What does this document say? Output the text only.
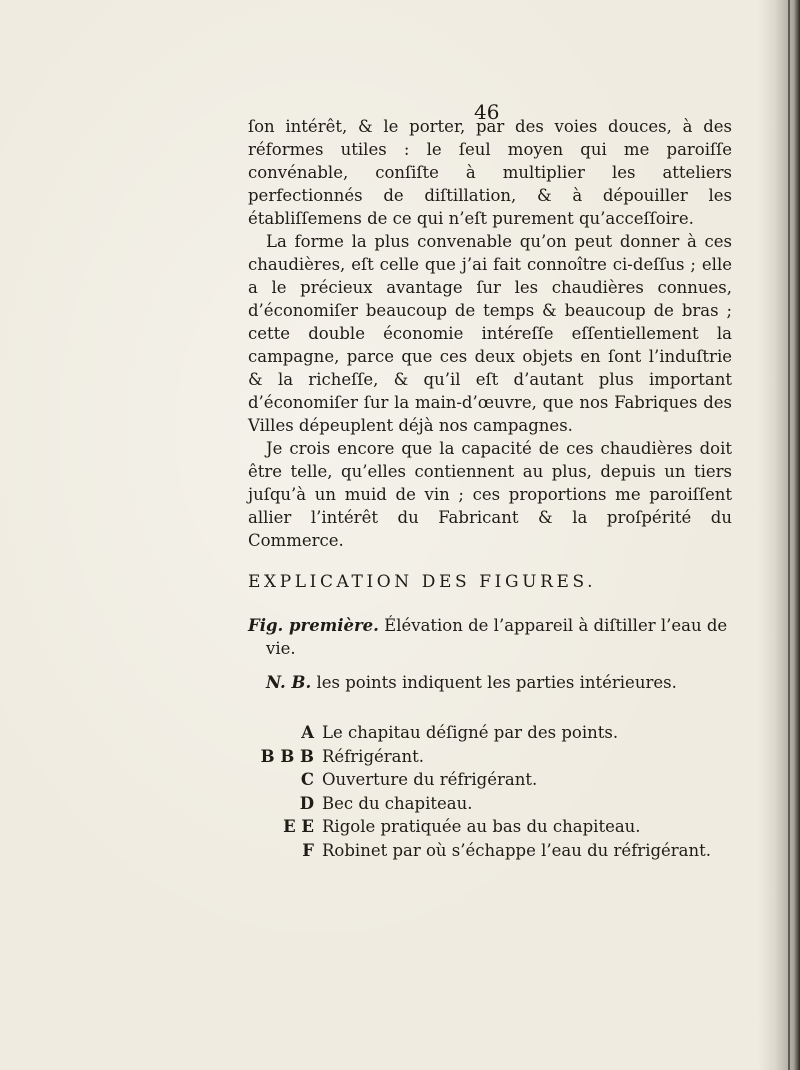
46

ſon intérêt, & le porter, par des voies douces, à des réformes utiles : le ſeul moyen qui me paroiſſe convénable, conſiſte à multiplier les atteliers perfectionnés de diſtillation, & à dépouiller les établiſſemens de ce qui n’eſt purement qu’acceſſoire.

La forme la plus convenable qu’on peut donner à ces chaudières, eſt celle que j’ai fait connoître ci-deſſus ; elle a le précieux avantage ſur les chaudières connues, d’économiſer beaucoup de temps & beaucoup de bras ; cette double économie intéreſſe eſſentiellement la campagne, parce que ces deux objets en ſont l’induſtrie & la richeſſe, & qu’il eſt d’autant plus important d’économiſer ſur la main-d’œuvre, que nos Fabriques des Villes dépeuplent déjà nos campagnes.

Je crois encore que la capacité de ces chaudières doit être telle, qu’elles contiennent au plus, depuis un tiers juſqu’à un muid de vin ; ces proportions me paroiſſent allier l’intérêt du Fabricant & la proſpérité du Commerce.

EXPLICATION DES FIGURES.
Fig. première. Élévation de l’appareil à diſtiller l’eau de
vie.
N. B. les points indiquent les parties intérieures.
A Le chapitau déſigné par des points.
B B B Réfrigérant.
C Ouverture du réfrigérant.
D Bec du chapiteau.
E E Rigole pratiquée au bas du chapiteau.
F Robinet par où s’échappe l’eau du réfrigérant.
